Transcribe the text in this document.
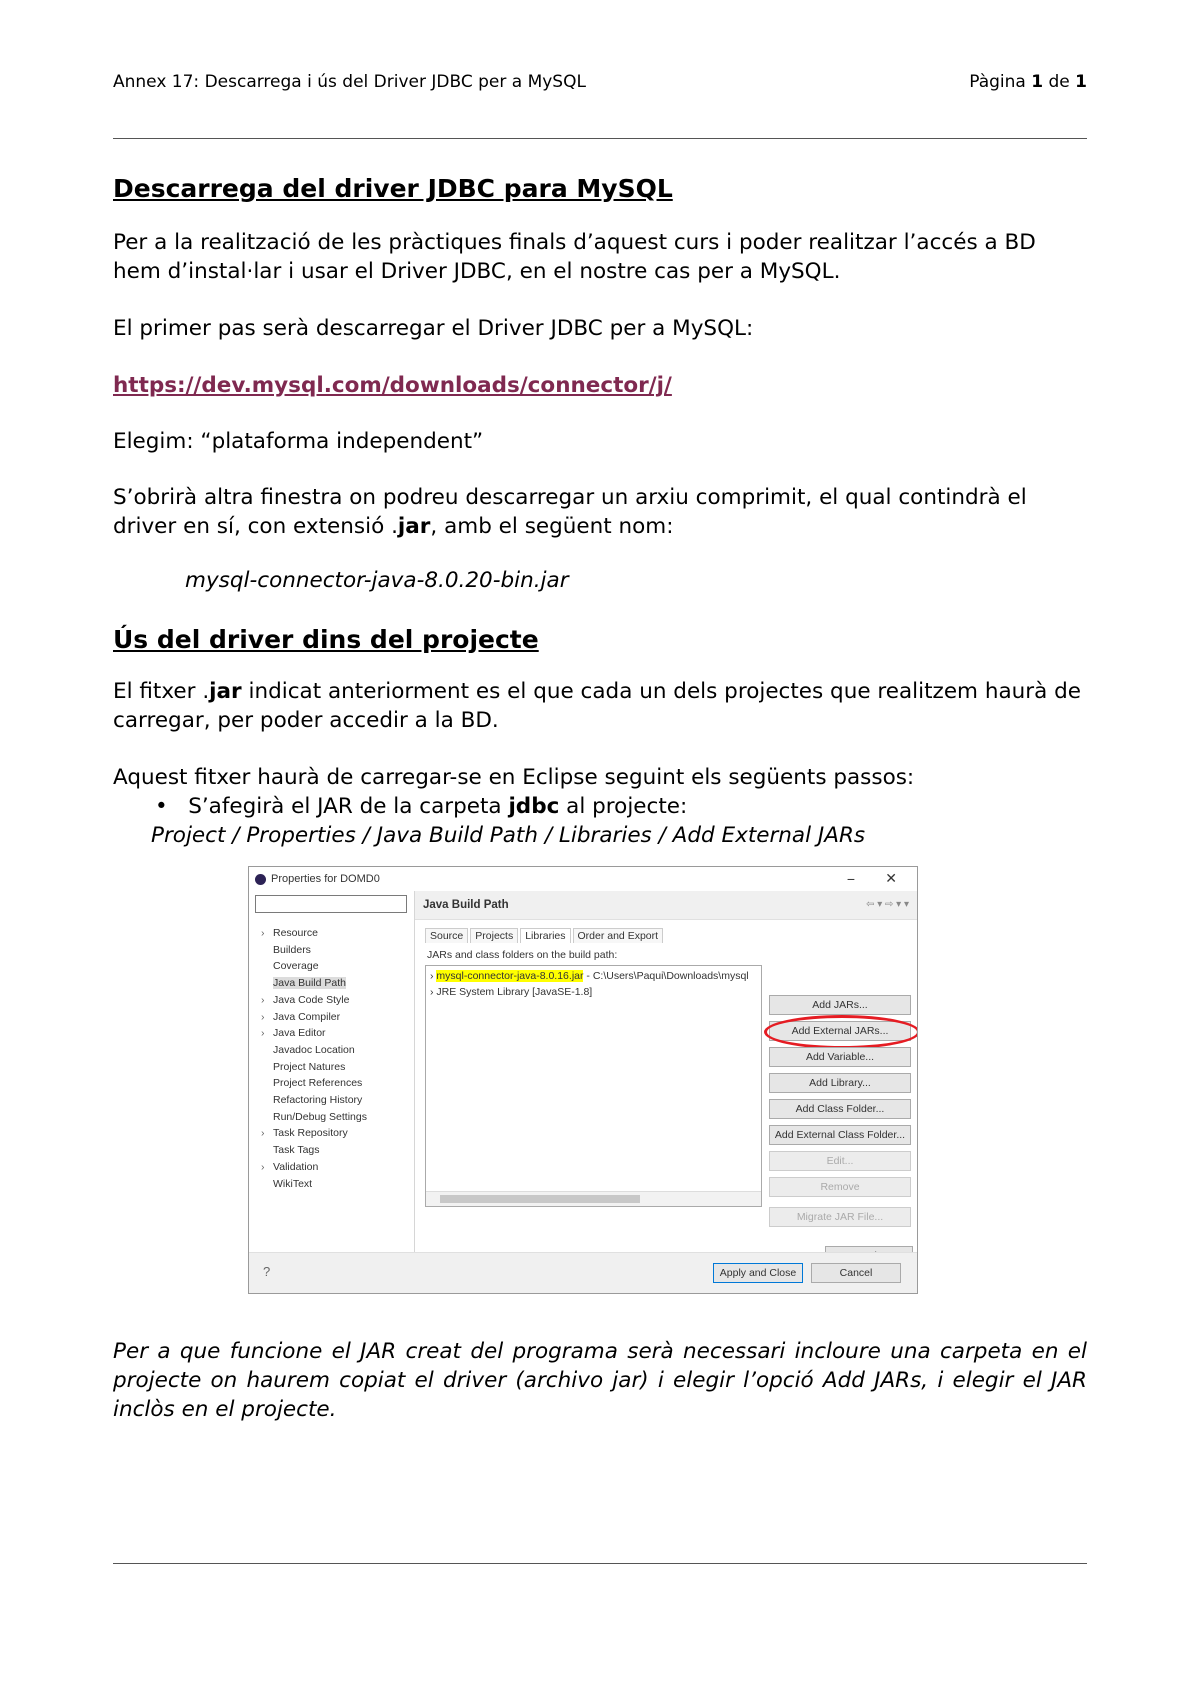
Annex 17: Descarrega i ús del Driver JDBC per a MySQL	Pàgina 1 de 1
Descarrega del driver JDBC para MySQL

Per a la realització de les pràctiques finals d’aquest curs i poder realitzar l’accés a BD hem d’instal·lar i usar el Driver JDBC, en el nostre cas per a MySQL.

El primer pas serà descarregar el Driver JDBC per a MySQL:

https://dev.mysql.com/downloads/connector/j/

Elegim: “plataforma independent”

S’obrirà altra finestra on podreu descarregar un arxiu comprimit, el qual contindrà el driver en sí, con extensió .jar, amb el següent nom:

mysql-connector-java-8.0.20-bin.jar

Ús del driver dins del projecte

El fitxer .jar indicat anteriorment es el que cada un dels projectes que realitzem haurà de carregar, per poder accedir a la BD.

Aquest fitxer haurà de carregar-se en Eclipse seguint els següents passos:

•   S’afegirà el JAR de la carpeta jdbc al projecte:

Project / Properties / Java Build Path / Libraries / Add External JARs

Properties for DOMD0	− ✕
› Resource
Builders
Coverage
Java Build Path
› Java Code Style
› Java Compiler
› Java Editor
Javadoc Location
Project Natures
Project References
Refactoring History
Run/Debug Settings
› Task Repository
Task Tags
› Validation
WikiText
Java Build Path	⇦ ▾ ⇨ ▾ ▾
Source	Projects	Libraries	Order and Export
JARs and class folders on the build path:
› mysql-connector-java-8.0.16.jar - C:\Users\Paqui\Downloads\mysql
› JRE System Library [JavaSE-1.8]
Add JARs...
Add External JARs...
Add Variable...
Add Library...
Add Class Folder...
Add External Class Folder...
Edit...
Remove
Migrate JAR File...
?	Apply and Close	Cancel

Per a que funcione el JAR creat del programa serà necessari incloure una carpeta en el projecte on haurem copiat el driver (archivo jar) i elegir l’opció Add JARs, i elegir el JAR inclòs en el projecte.
